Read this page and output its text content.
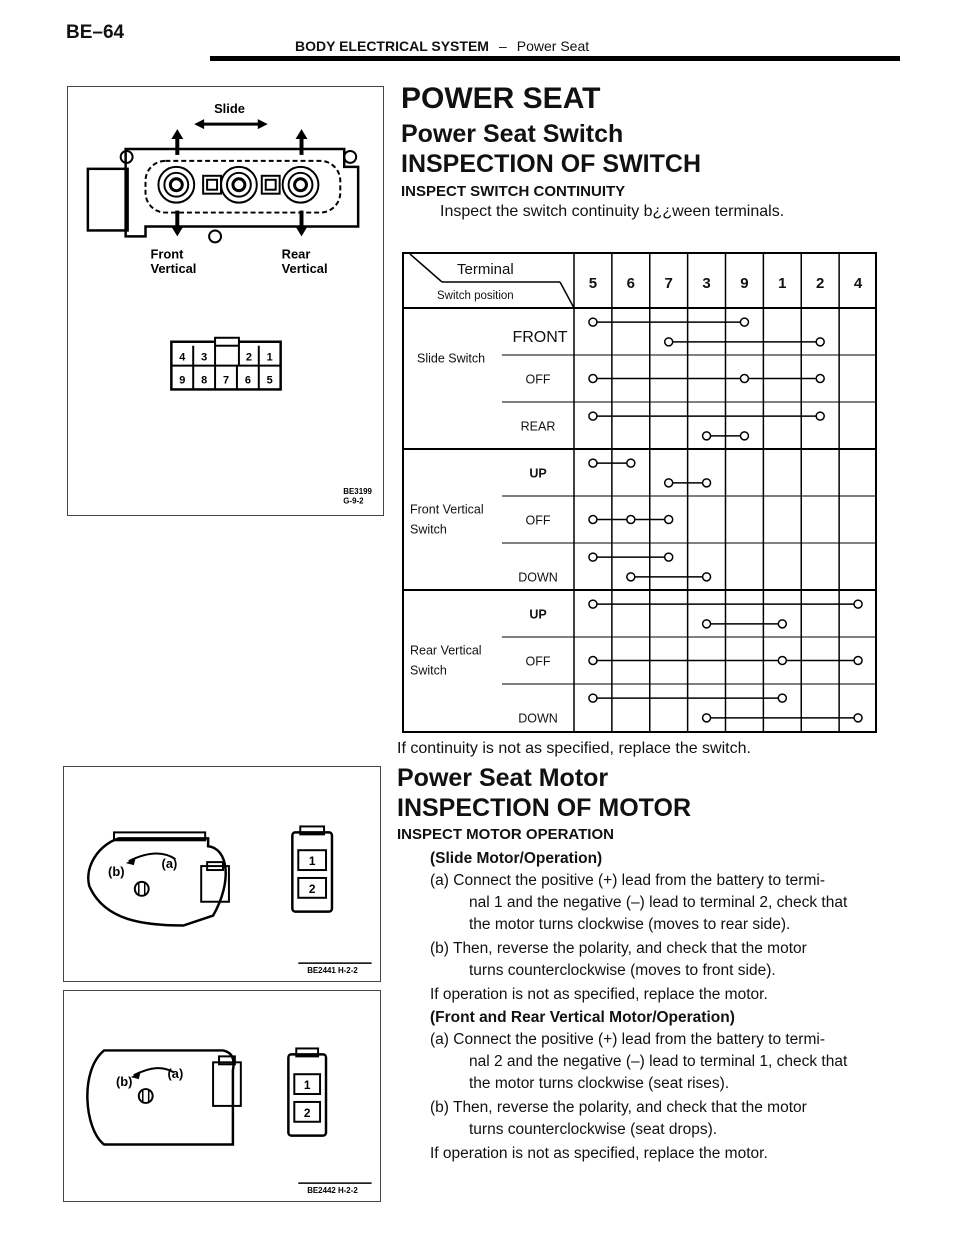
BE–64
BODY ELECTRICAL SYSTEM – Power Seat
Slide
Front
Vertical
Rear
Vertical
4 3	2 1
9 8 7 6 5
BE3199
G-9-2
(b)
(a)	1
2
BE2441 H-2-2
(b)
(a)
1
2
BE2442 H-2-2
POWER SEAT
Power Seat Switch
INSPECTION OF SWITCH
INSPECT SWITCH CONTINUITY
Inspect the switch continuity b¿¿ween terminals.
5 6 7 3 9 1 2 4
Terminal
Switch position
Slide Switch
FRONT
OFF
REAR
Front Vertical
Switch
UP
OFF
DOWN
Rear Vertical
Switch
UP
OFF
DOWN
If continuity is not as specified, replace the switch.
Power Seat Motor
INSPECTION OF MOTOR
INSPECT MOTOR OPERATION
(Slide Motor/Operation)
(a) Connect the positive (+) lead from the battery to termi-
nal 1 and the negative (–) lead to terminal 2, check that
the motor turns clockwise (moves to rear side).
(b) Then, reverse the polarity, and check that the motor
turns counterclockwise (moves to front side).
If operation is not as specified, replace the motor.
(Front and Rear Vertical Motor/Operation)
(a) Connect the positive (+) lead from the battery to termi-
nal 2 and the negative (–) lead to terminal 1, check that
the motor turns clockwise (seat rises).
(b) Then, reverse the polarity, and check that the motor
turns counterclockwise (seat drops).
If operation is not as specified, replace the motor.
